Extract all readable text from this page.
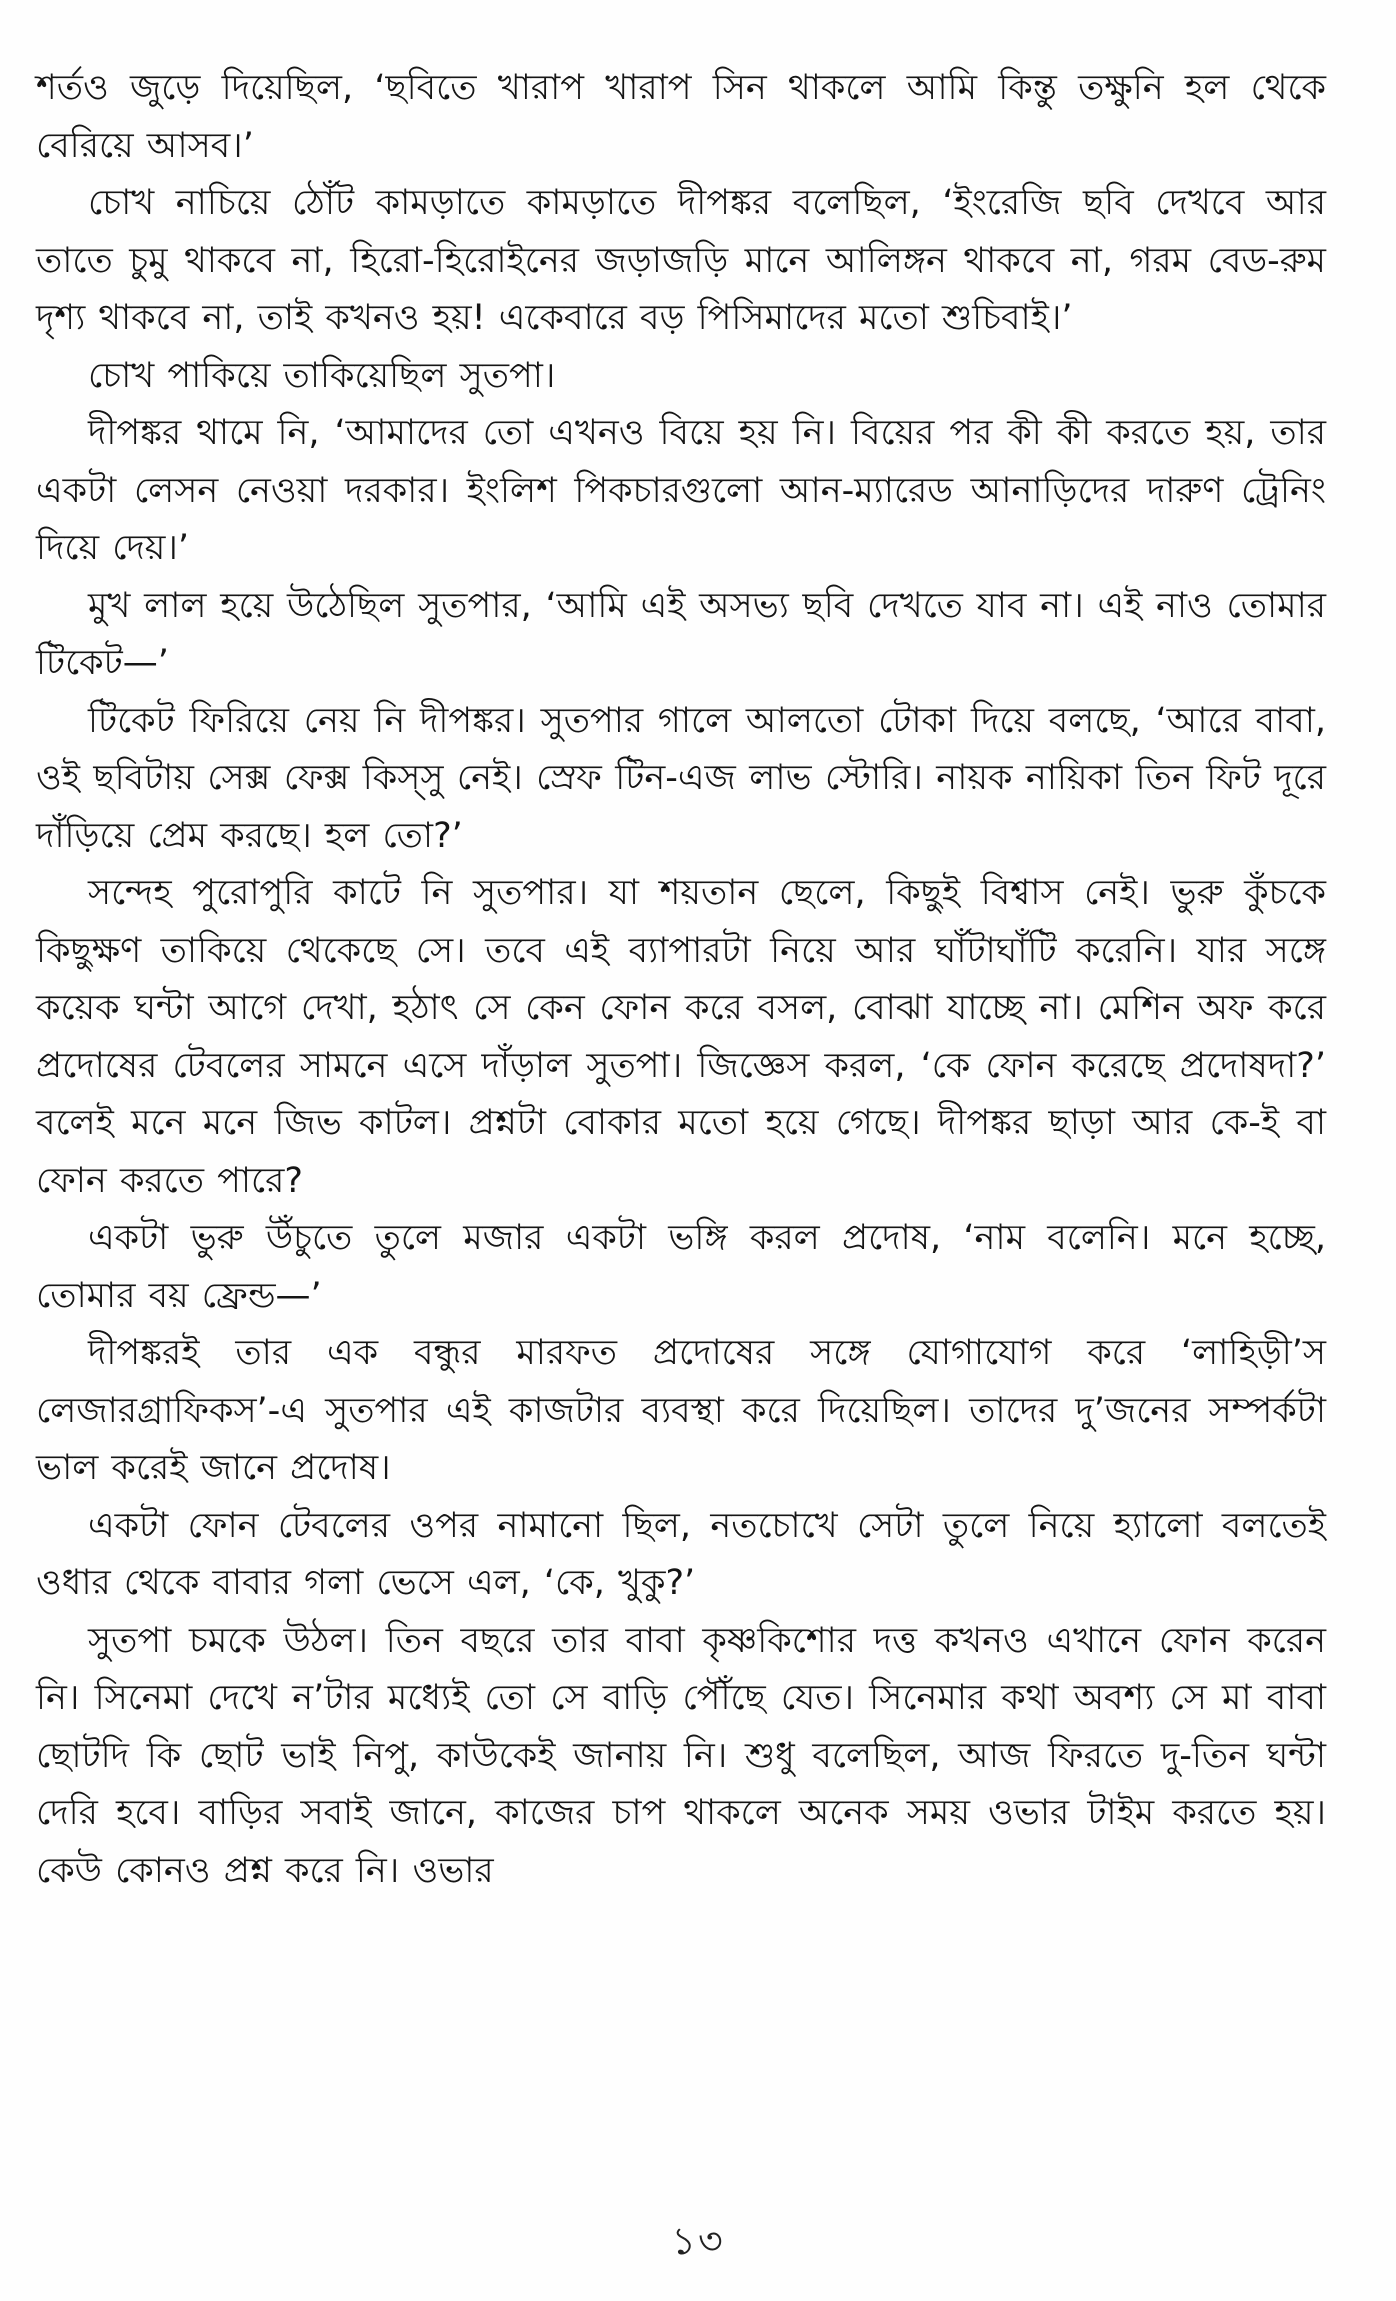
শর্তও জুড়ে দিয়েছিল, ‘ছবিতে খারাপ খারাপ সিন থাকলে আমি কিন্তু তক্ষুনি হল থেকে বেরিয়ে আসব।’

চোখ নাচিয়ে ঠোঁট কামড়াতে কামড়াতে দীপঙ্কর বলেছিল, ‘ইংরেজি ছবি দেখবে আর তাতে চুমু থাকবে না, হিরো-হিরোইনের জড়াজড়ি মানে আলিঙ্গন থাকবে না, গরম বেড-রুম দৃশ্য থাকবে না, তাই কখনও হয়! একেবারে বড় পিসিমাদের মতো শুচিবাই।’

চোখ পাকিয়ে তাকিয়েছিল সুতপা।

দীপঙ্কর থামে নি, ‘আমাদের তো এখনও বিয়ে হয় নি। বিয়ের পর কী কী করতে হয়, তার একটা লেসন নেওয়া দরকার। ইংলিশ পিকচারগুলো আন-ম্যারেড আনাড়িদের দারুণ ট্রেনিং দিয়ে দেয়।’

মুখ লাল হয়ে উঠেছিল সুতপার, ‘আমি এই অসভ্য ছবি দেখতে যাব না। এই নাও তোমার টিকেট—’

টিকেট ফিরিয়ে নেয় নি দীপঙ্কর। সুতপার গালে আলতো টোকা দিয়ে বলছে, ‘আরে বাবা, ওই ছবিটায় সেক্স ফেক্স কিস্সু নেই। স্রেফ টিন-এজ লাভ স্টোরি। নায়ক নায়িকা তিন ফিট দূরে দাঁড়িয়ে প্রেম করছে। হল তো?’

সন্দেহ পুরোপুরি কাটে নি সুতপার। যা শয়তান ছেলে, কিছুই বিশ্বাস নেই। ভুরু কুঁচকে কিছুক্ষণ তাকিয়ে থেকেছে সে। তবে এই ব্যাপারটা নিয়ে আর ঘাঁটাঘাঁটি করেনি। যার সঙ্গে কয়েক ঘন্টা আগে দেখা, হঠাৎ সে কেন ফোন করে বসল, বোঝা যাচ্ছে না। মেশিন অফ করে প্রদোষের টেবলের সামনে এসে দাঁড়াল সুতপা। জিজ্ঞেস করল, ‘কে ফোন করেছে প্রদোষদা?’ বলেই মনে মনে জিভ কাটল। প্রশ্নটা বোকার মতো হয়ে গেছে। দীপঙ্কর ছাড়া আর কে-ই বা ফোন করতে পারে?

একটা ভুরু উঁচুতে তুলে মজার একটা ভঙ্গি করল প্রদোষ, ‘নাম বলেনি। মনে হচ্ছে, তোমার বয় ফ্রেন্ড—’

দীপঙ্করই তার এক বন্ধুর মারফত প্রদোষের সঙ্গে যোগাযোগ করে ‘লাহিড়ী’স লেজারগ্রাফিকস’-এ সুতপার এই কাজটার ব্যবস্থা করে দিয়েছিল। তাদের দু’জনের সম্পর্কটা ভাল করেই জানে প্রদোষ।

একটা ফোন টেবলের ওপর নামানো ছিল, নতচোখে সেটা তুলে নিয়ে হ্যালো বলতেই ওধার থেকে বাবার গলা ভেসে এল, ‘কে, খুকু?’

সুতপা চমকে উঠল। তিন বছরে তার বাবা কৃষ্ণকিশোর দত্ত কখনও এখানে ফোন করেন নি। সিনেমা দেখে ন’টার মধ্যেই তো সে বাড়ি পৌঁছে যেত। সিনেমার কথা অবশ্য সে মা বাবা ছোটদি কি ছোট ভাই নিপু, কাউকেই জানায় নি। শুধু বলেছিল, আজ ফিরতে দু-তিন ঘন্টা দেরি হবে। বাড়ির সবাই জানে, কাজের চাপ থাকলে অনেক সময় ওভার টাইম করতে হয়। কেউ কোনও প্রশ্ন করে নি। ওভার

১৩
